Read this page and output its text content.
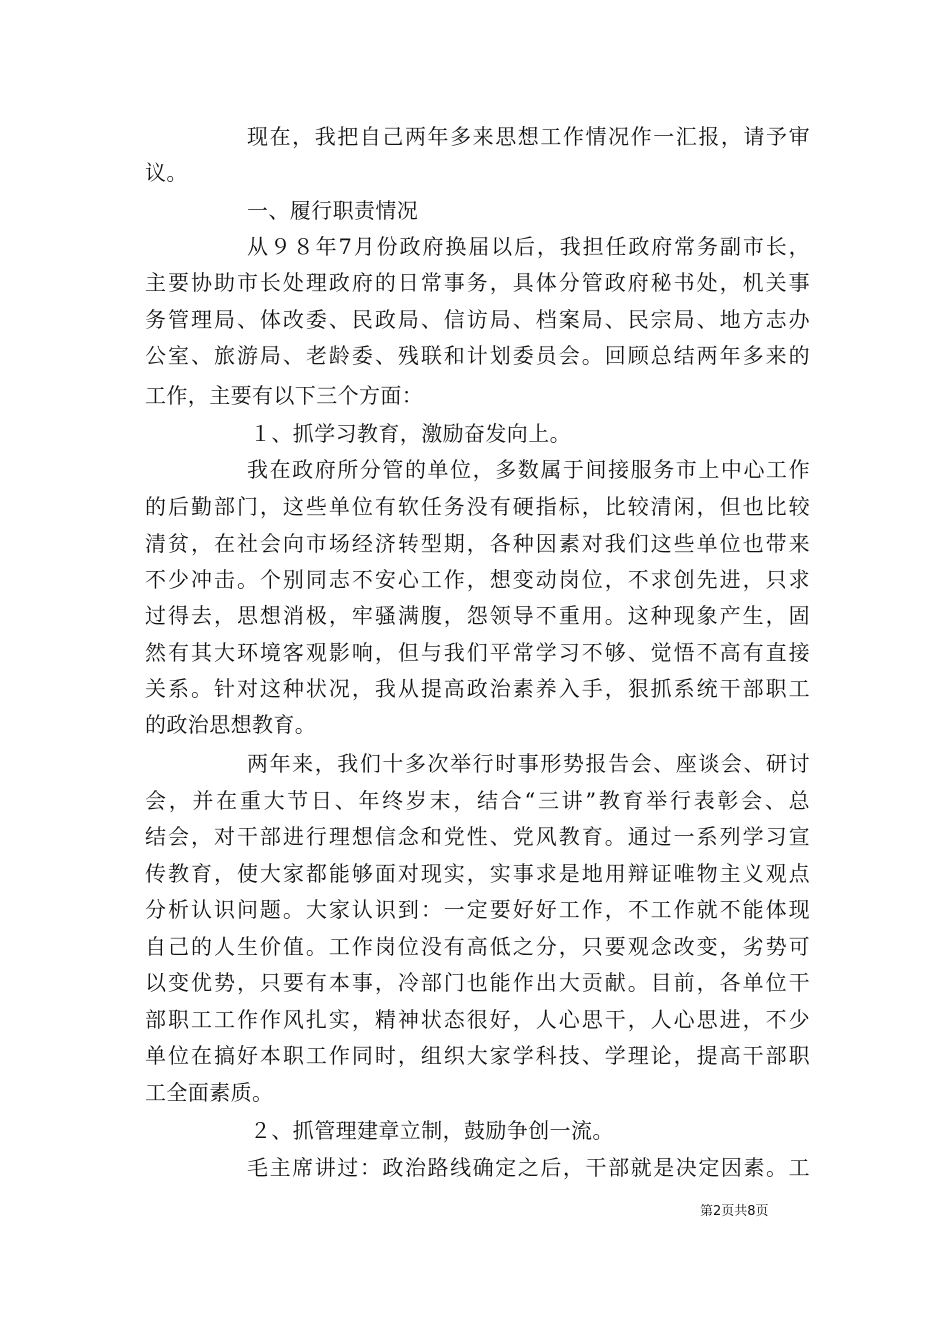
现在，我把自己两年多来思想工作情况作一汇报，请予审
议。
一、履行职责情况
从９８年7月份政府换届以后，我担任政府常务副市长，
主要协助市长处理政府的日常事务，具体分管政府秘书处，机关事
务管理局、体改委、民政局、信访局、档案局、民宗局、地方志办
公室、旅游局、老龄委、残联和计划委员会。回顾总结两年多来的
工作，主要有以下三个方面：
１、抓学习教育，激励奋发向上。
我在政府所分管的单位，多数属于间接服务市上中心工作
的后勤部门，这些单位有软任务没有硬指标，比较清闲，但也比较
清贫，在社会向市场经济转型期，各种因素对我们这些单位也带来
不少冲击。个别同志不安心工作，想变动岗位，不求创先进，只求
过得去，思想消极，牢骚满腹，怨领导不重用。这种现象产生，固
然有其大环境客观影响，但与我们平常学习不够、觉悟不高有直接
关系。针对这种状况，我从提高政治素养入手，狠抓系统干部职工
的政治思想教育。
两年来，我们十多次举行时事形势报告会、座谈会、研讨
会，并在重大节日、年终岁末，结合“三讲”教育举行表彰会、总
结会，对干部进行理想信念和党性、党风教育。通过一系列学习宣
传教育，使大家都能够面对现实，实事求是地用辩证唯物主义观点
分析认识问题。大家认识到：一定要好好工作，不工作就不能体现
自己的人生价值。工作岗位没有高低之分，只要观念改变，劣势可
以变优势，只要有本事，冷部门也能作出大贡献。目前，各单位干
部职工工作作风扎实，精神状态很好，人心思干，人心思进，不少
单位在搞好本职工作同时，组织大家学科技、学理论，提高干部职
工全面素质。
２、抓管理建章立制，鼓励争创一流。
毛主席讲过：政治路线确定之后，干部就是决定因素。工
第2页共8页
